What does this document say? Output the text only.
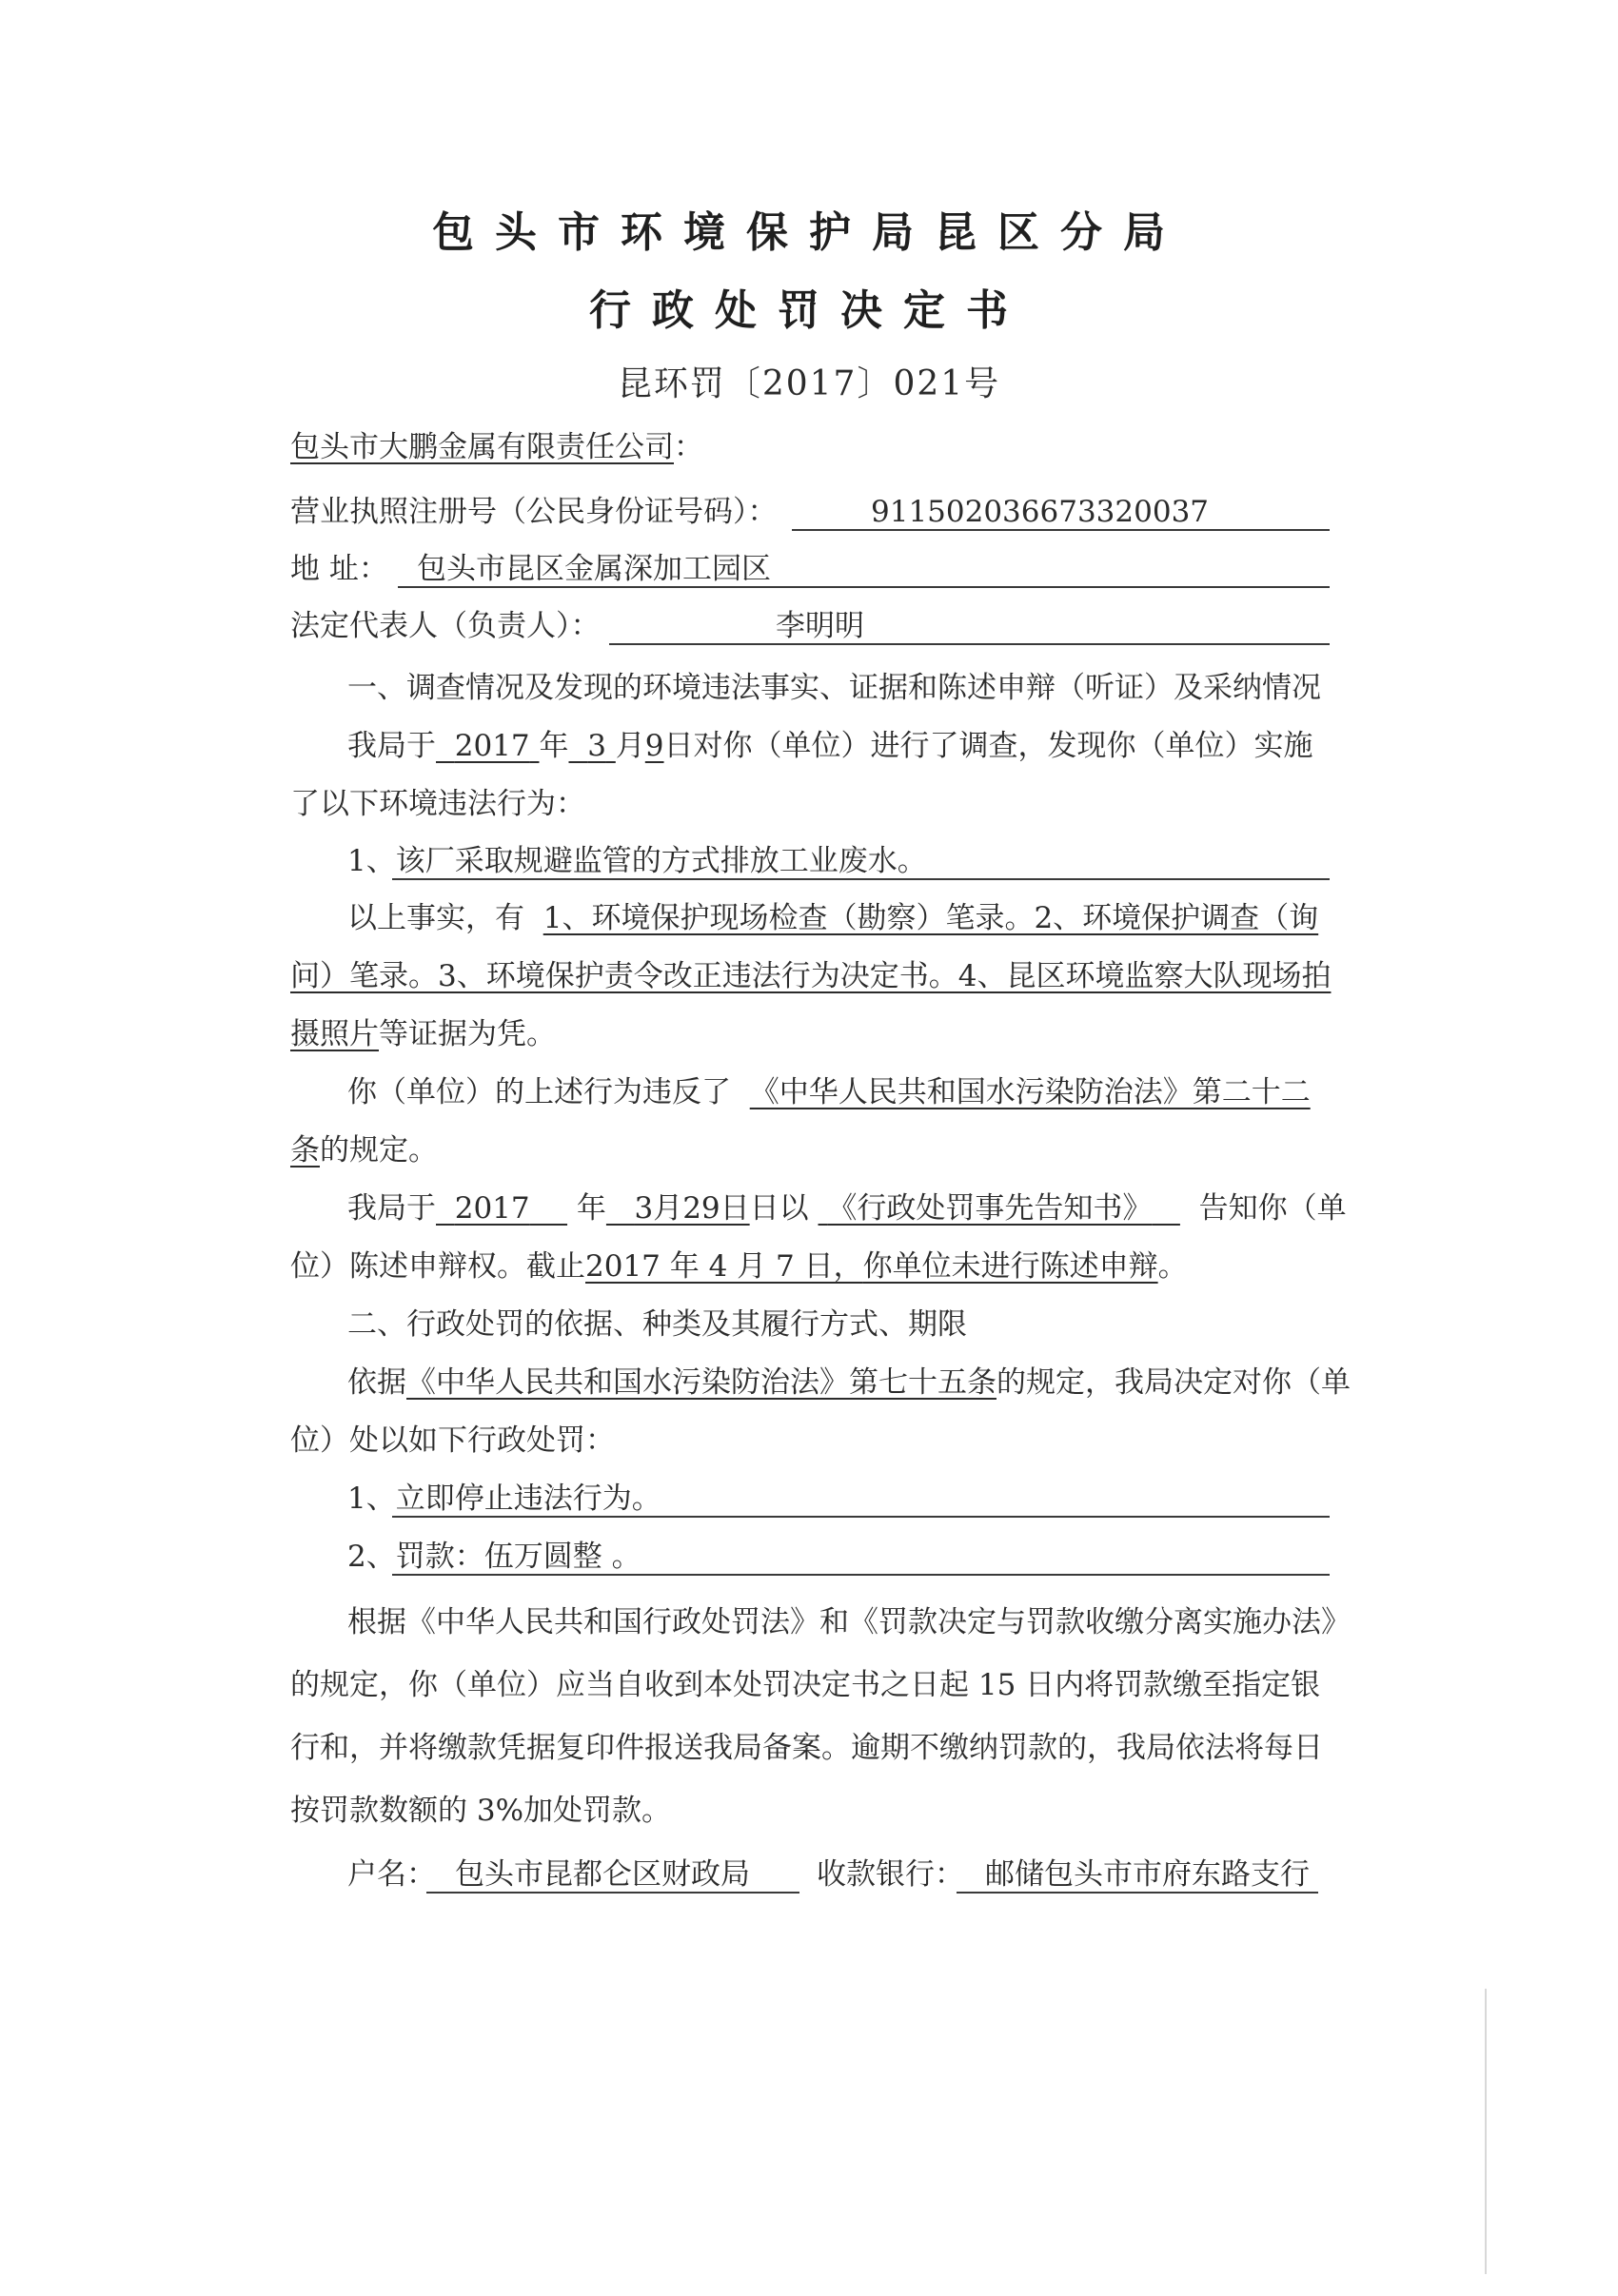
包头市环境保护局昆区分局
行政处罚决定书
昆环罚〔2017〕021号
包头市大鹏金属有限责任公司：
营业执照注册号（公民身份证号码）：	911502036673320037
地 址： 包头市昆区金属深加工园区
法定代表人（负责人）：	李明明
一、调查情况及发现的环境违法事实、证据和陈述申辩（听证）及采纳情况
我局于 2017 年 3 月9日对你（单位）进行了调查，发现你（单位）实施
了以下环境违法行为：
1、该厂采取规避监管的方式排放工业废水。
以上事实，有 1、环境保护现场检查（勘察）笔录。2、环境保护调查（询
问）笔录。3、环境保护责令改正违法行为决定书。4、昆区环境监察大队现场拍
摄照片等证据为凭。
你（单位）的上述行为违反了 《中华人民共和国水污染防治法》第二十二
条的规定。
我局于 2017 年 3月29日日以 《行政处罚事先告知书》 告知你（单
位）陈述申辩权。截止2017 年 4 月 7 日，你单位未进行陈述申辩。
二、行政处罚的依据、种类及其履行方式、期限
依据《中华人民共和国水污染防治法》第七十五条的规定，我局决定对你（单
位）处以如下行政处罚：
1、立即停止违法行为。
2、罚款：伍万圆整 。
根据《中华人民共和国行政处罚法》和《罚款决定与罚款收缴分离实施办法》
的规定，你（单位）应当自收到本处罚决定书之日起 15 日内将罚款缴至指定银
行和，并将缴款凭据复印件报送我局备案。逾期不缴纳罚款的，我局依法将每日
按罚款数额的 3%加处罚款。
户名： 包头市昆都仑区财政局 收款银行： 邮储包头市市府东路支行
